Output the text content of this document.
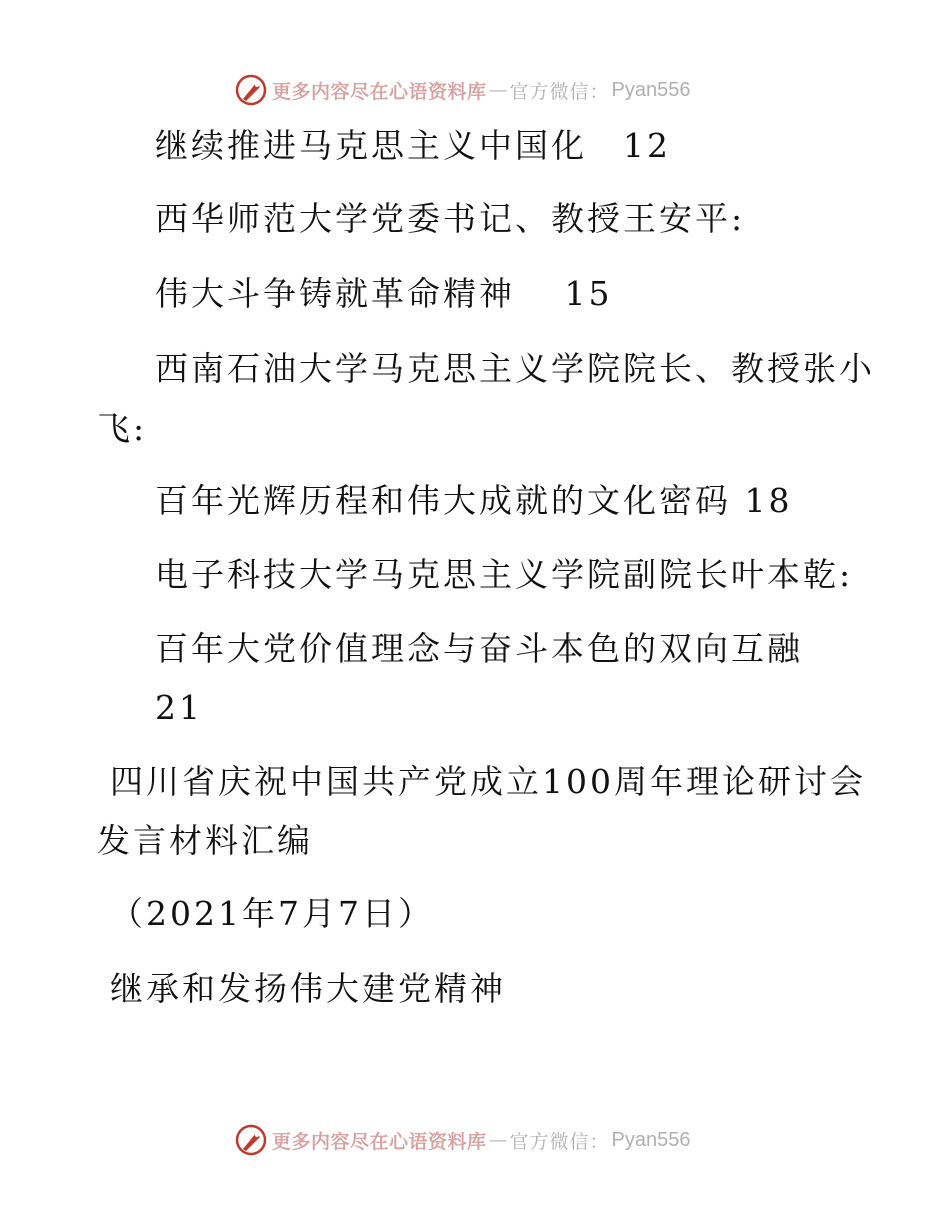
更多内容尽在心语资料库 — 官方微信： Pyan556
继续推进马克思主义中国化　12
西华师范大学党委书记、教授王安平:
伟大斗争铸就革命精神　 15
西南石油大学马克思主义学院院长、教授张小
飞:
百年光辉历程和伟大成就的文化密码 18
电子科技大学马克思主义学院副院长叶本乾:
百年大党价值理念与奋斗本色的双向互融
21
四川省庆祝中国共产党成立100周年理论研讨会
发言材料汇编
（2021年7月7日）
继承和发扬伟大建党精神
更多内容尽在心语资料库 — 官方微信： Pyan556
